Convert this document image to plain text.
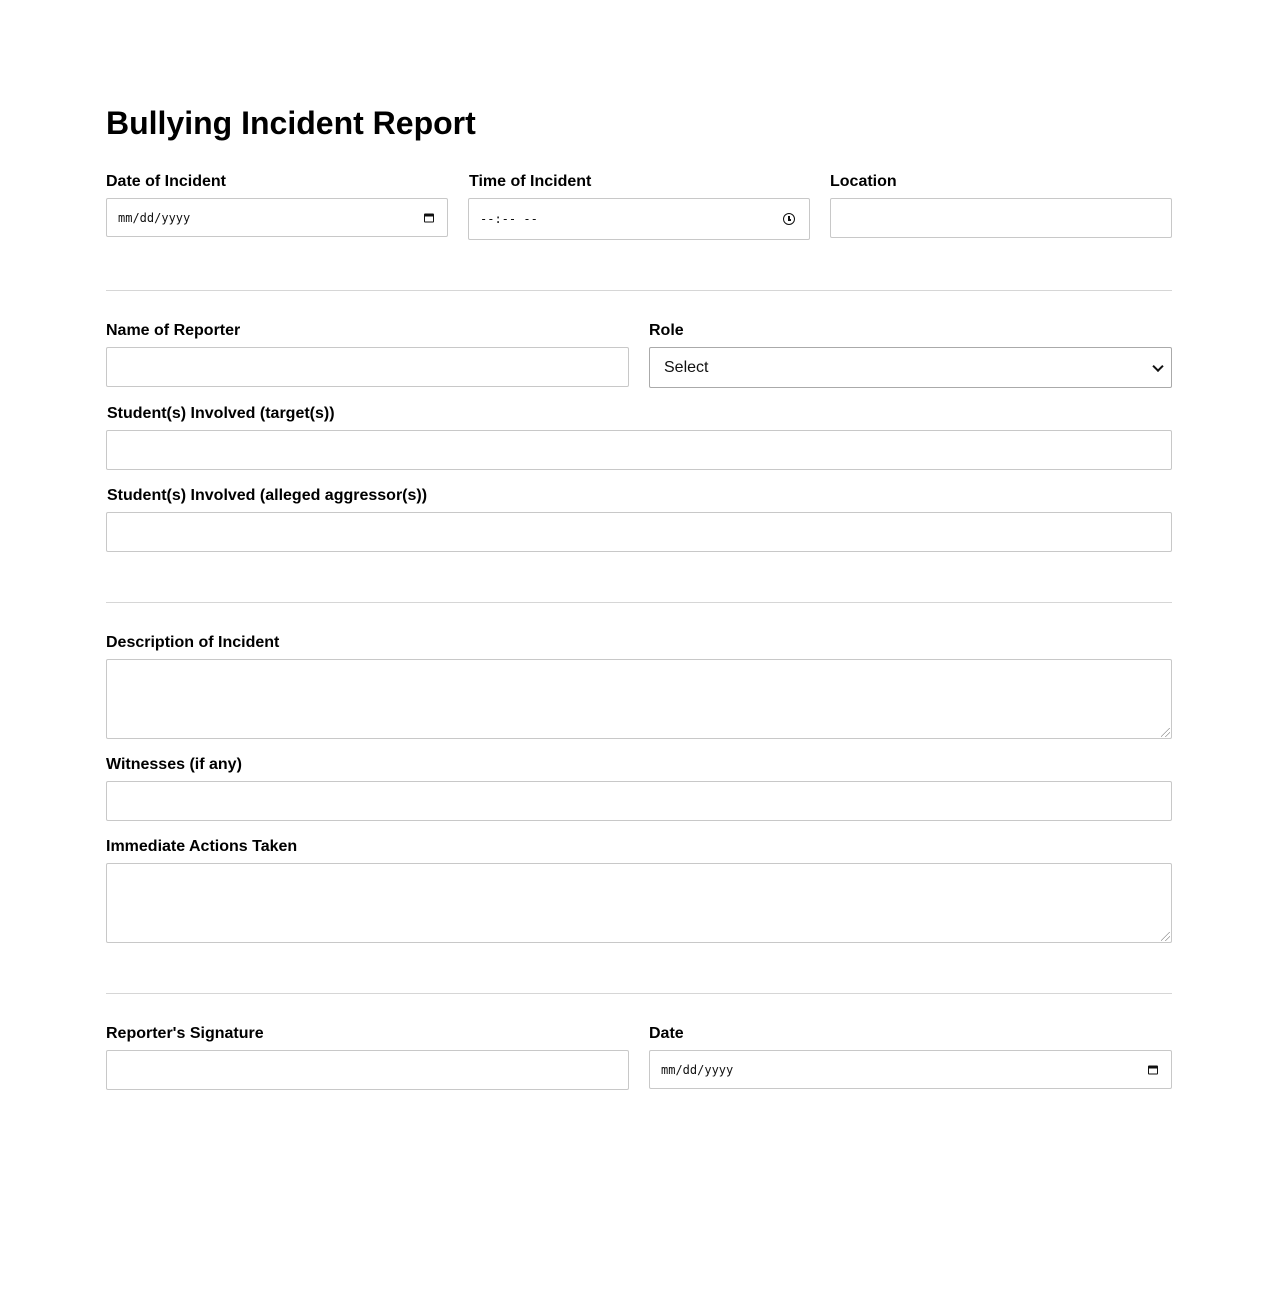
Bullying Incident Report
Date of Incident
mm/dd/yyyy
Time of Incident
--:-- --
Location
Name of Reporter	Role
Select
Student(s) Involved (target(s))
Student(s) Involved (alleged aggressor(s))
Description of Incident
Witnesses (if any)
Immediate Actions Taken
Reporter's Signature	Date
mm/dd/yyyy
